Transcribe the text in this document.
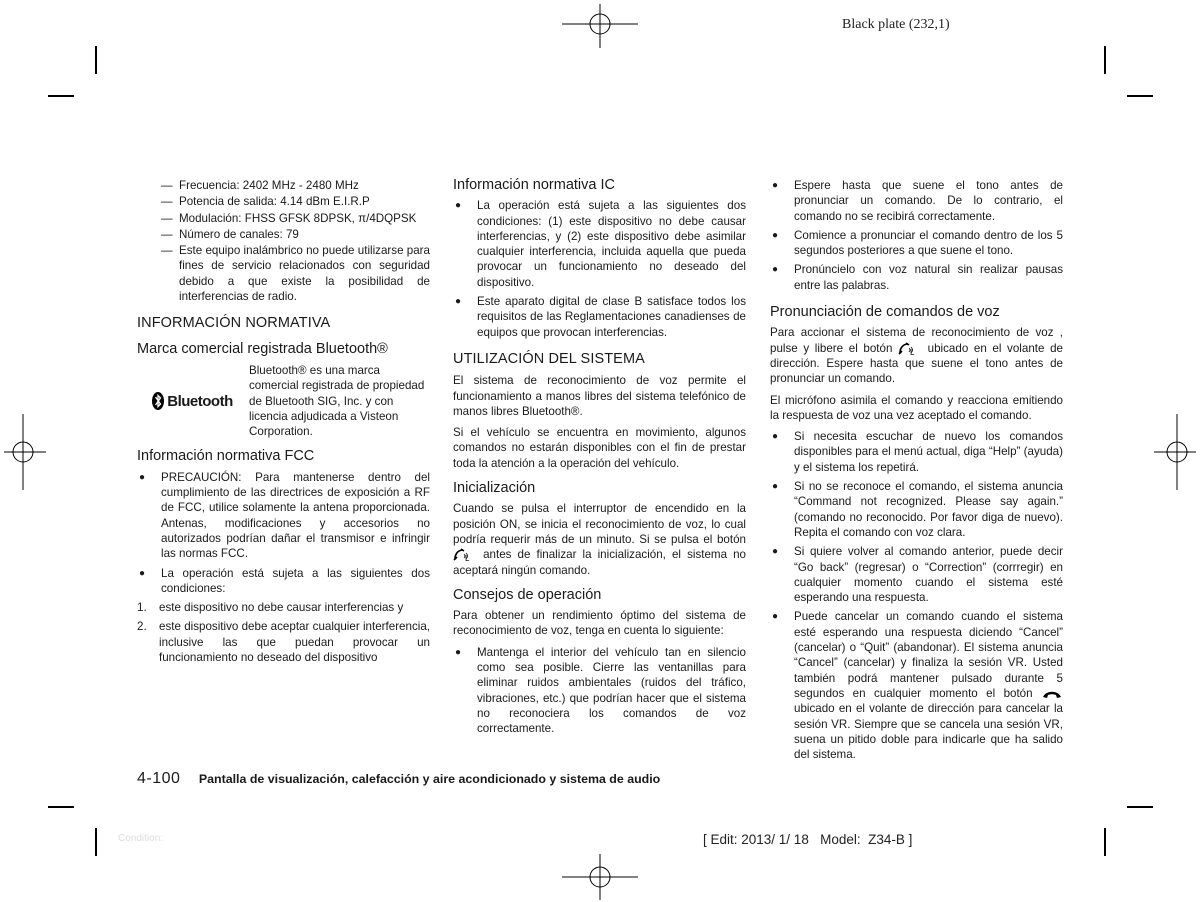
Black plate (232,1)
— Frecuencia: 2402 MHz - 2480 MHz
— Potencia de salida: 4.14 dBm E.I.R.P
— Modulación: FHSS GFSK 8DPSK, π/4DQPSK
— Número de canales: 79
— Este equipo inalámbrico no puede utilizarse para fines de servicio relacionados con seguridad debido a que existe la posibilidad de interferencias de radio.
INFORMACIÓN NORMATIVA
Marca comercial registrada Bluetooth®
Bluetooth
Bluetooth® es una marca comercial registrada de propiedad de Bluetooth SIG, Inc. y con licencia adjudicada a Visteon Corporation.
Información normativa FCC
● PRECAUCIÓN: Para mantenerse dentro del cumplimiento de las directrices de exposición a RF de FCC, utilice solamente la antena proporcionada. Antenas, modificaciones y accesorios no autorizados podrían dañar el transmisor e infringir las normas FCC.
● La operación está sujeta a las siguientes dos condiciones:
1. este dispositivo no debe causar interferencias y
2. este dispositivo debe aceptar cualquier interferencia, inclusive las que puedan provocar un funcionamiento no deseado del dispositivo
Información normativa IC
● La operación está sujeta a las siguientes dos condiciones: (1) este dispositivo no debe causar interferencias, y (2) este dispositivo debe asimilar cualquier interferencia, incluida aquella que pueda provocar un funcionamiento no deseado del dispositivo.
● Este aparato digital de clase B satisface todos los requisitos de las Reglamentaciones canadienses de equipos que provocan interferencias.
UTILIZACIÓN DEL SISTEMA

El sistema de reconocimiento de voz permite el funcionamiento a manos libres del sistema telefónico de manos libres Bluetooth®.

Si el vehículo se encuentra en movimiento, algunos comandos no estarán disponibles con el fin de prestar toda la atención a la operación del vehículo.

Inicialización

Cuando se pulsa el interruptor de encendido en la posición ON, se inicia el reconocimiento de voz, lo cual podría requerir más de un minuto. Si se pulsa el botón
L antes de finalizar la inicialización, el sistema no aceptará ningún comando.

Consejos de operación

Para obtener un rendimiento óptimo del sistema de reconocimiento de voz, tenga en cuenta lo siguiente:

● Mantenga el interior del vehículo tan en silencio como sea posible. Cierre las ventanillas para eliminar ruidos ambientales (ruidos del tráfico, vibraciones, etc.) que podrían hacer que el sistema no reconociera los comandos de voz correctamente.
● Espere hasta que suene el tono antes de pronunciar un comando. De lo contrario, el comando no se recibirá correctamente.
● Comience a pronunciar el comando dentro de los 5 segundos posteriores a que suene el tono.
● Pronúncielo con voz natural sin realizar pausas entre las palabras.
Pronunciación de comandos de voz

Para accionar el sistema de reconocimiento de voz , pulse y libere el botón L ubicado en el volante de dirección. Espere hasta que suene el tono antes de pronunciar un comando.

El micrófono asimila el comando y reacciona emitiendo la respuesta de voz una vez aceptado el comando.

● Si necesita escuchar de nuevo los comandos disponibles para el menú actual, diga “Help” (ayuda) y el sistema los repetirá.
● Si no se reconoce el comando, el sistema anuncia “Command not recognized. Please say again.” (comando no reconocido. Por favor diga de nuevo). Repita el comando con voz clara.
● Si quiere volver al comando anterior, puede decir “Go back” (regresar) o “Correction” (corrregir) en cualquier momento cuando el sistema esté esperando una respuesta.
● Puede cancelar un comando cuando el sistema esté esperando una respuesta diciendo “Cancel” (cancelar) o “Quit” (abandonar). El sistema anuncia “Cancel” (cancelar) y finaliza la sesión VR. Usted también podrá mantener pulsado durante 5 segundos en cualquier momento el botón  ubicado en el volante de dirección para cancelar la sesión VR. Siempre que se cancela una sesión VR, suena un pitido doble para indicarle que ha salido del sistema.
4-100 Pantalla de visualización, calefacción y aire acondicionado y sistema de audio
Condition:	[ Edit: 2013/ 1/ 18   Model:  Z34-B ]
